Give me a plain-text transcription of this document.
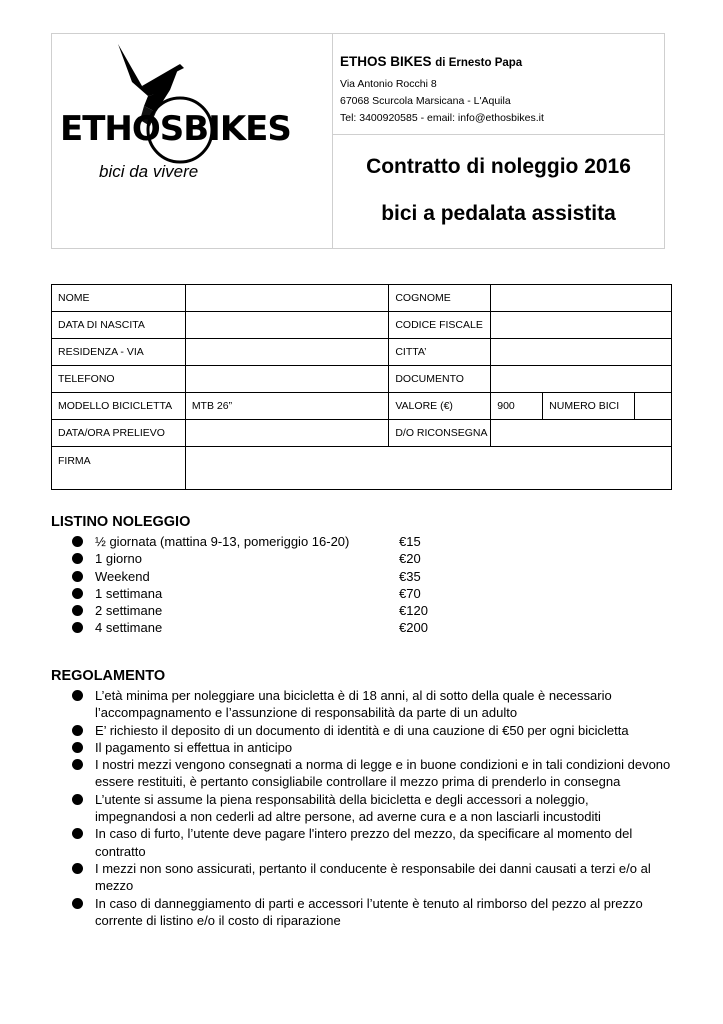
ETHOSBIKES
bici da vivere
ETHOS BIKES di Ernesto Papa
Via Antonio Rocchi 8
67068 Scurcola Marsicana - L'Aquila
Tel: 3400920585 - email: info@ethosbikes.it
Contratto di noleggio 2016
bici a pedalata assistita
NOME		COGNOME			
DATA DI NASCITA		CODICE FISCALE			
RESIDENZA - VIA		CITTA’			
TELEFONO		DOCUMENTO			
MODELLO BICICLETTA	MTB 26”	VALORE (€)	900	NUMERO BICI	
DATA/ORA PRELIEVO		D/O RICONSEGNA			
FIRMA					
LISTINO NOLEGGIO
½ giornata (mattina 9-13, pomeriggio 16-20)	€15
1 giorno	€20
Weekend	€35
1 settimana	€70
2 settimane	€120
4 settimane	€200
REGOLAMENTO
L’età minima per noleggiare una bicicletta è di 18 anni, al di sotto della quale è necessario l’accompagnamento e l’assunzione di responsabilità da parte di un adulto
E’ richiesto il deposito di un documento di identità e di una cauzione di €50 per ogni bicicletta
Il pagamento si effettua in anticipo
I nostri mezzi vengono consegnati a norma di legge e in buone condizioni e in tali condizioni devono essere restituiti, è pertanto consigliabile controllare il mezzo prima di prenderlo in consegna
L’utente si assume la piena responsabilità della bicicletta e degli accessori a noleggio, impegnandosi a non cederli ad altre persone, ad averne cura e a non lasciarli incustoditi
In caso di furto, l’utente deve pagare l'intero prezzo del mezzo, da specificare al momento del contratto
I mezzi non sono assicurati, pertanto il conducente è responsabile dei danni causati a terzi e/o al mezzo
In caso di danneggiamento di parti e accessori l’utente è tenuto al rimborso del pezzo al prezzo corrente di listino e/o il costo di riparazione
